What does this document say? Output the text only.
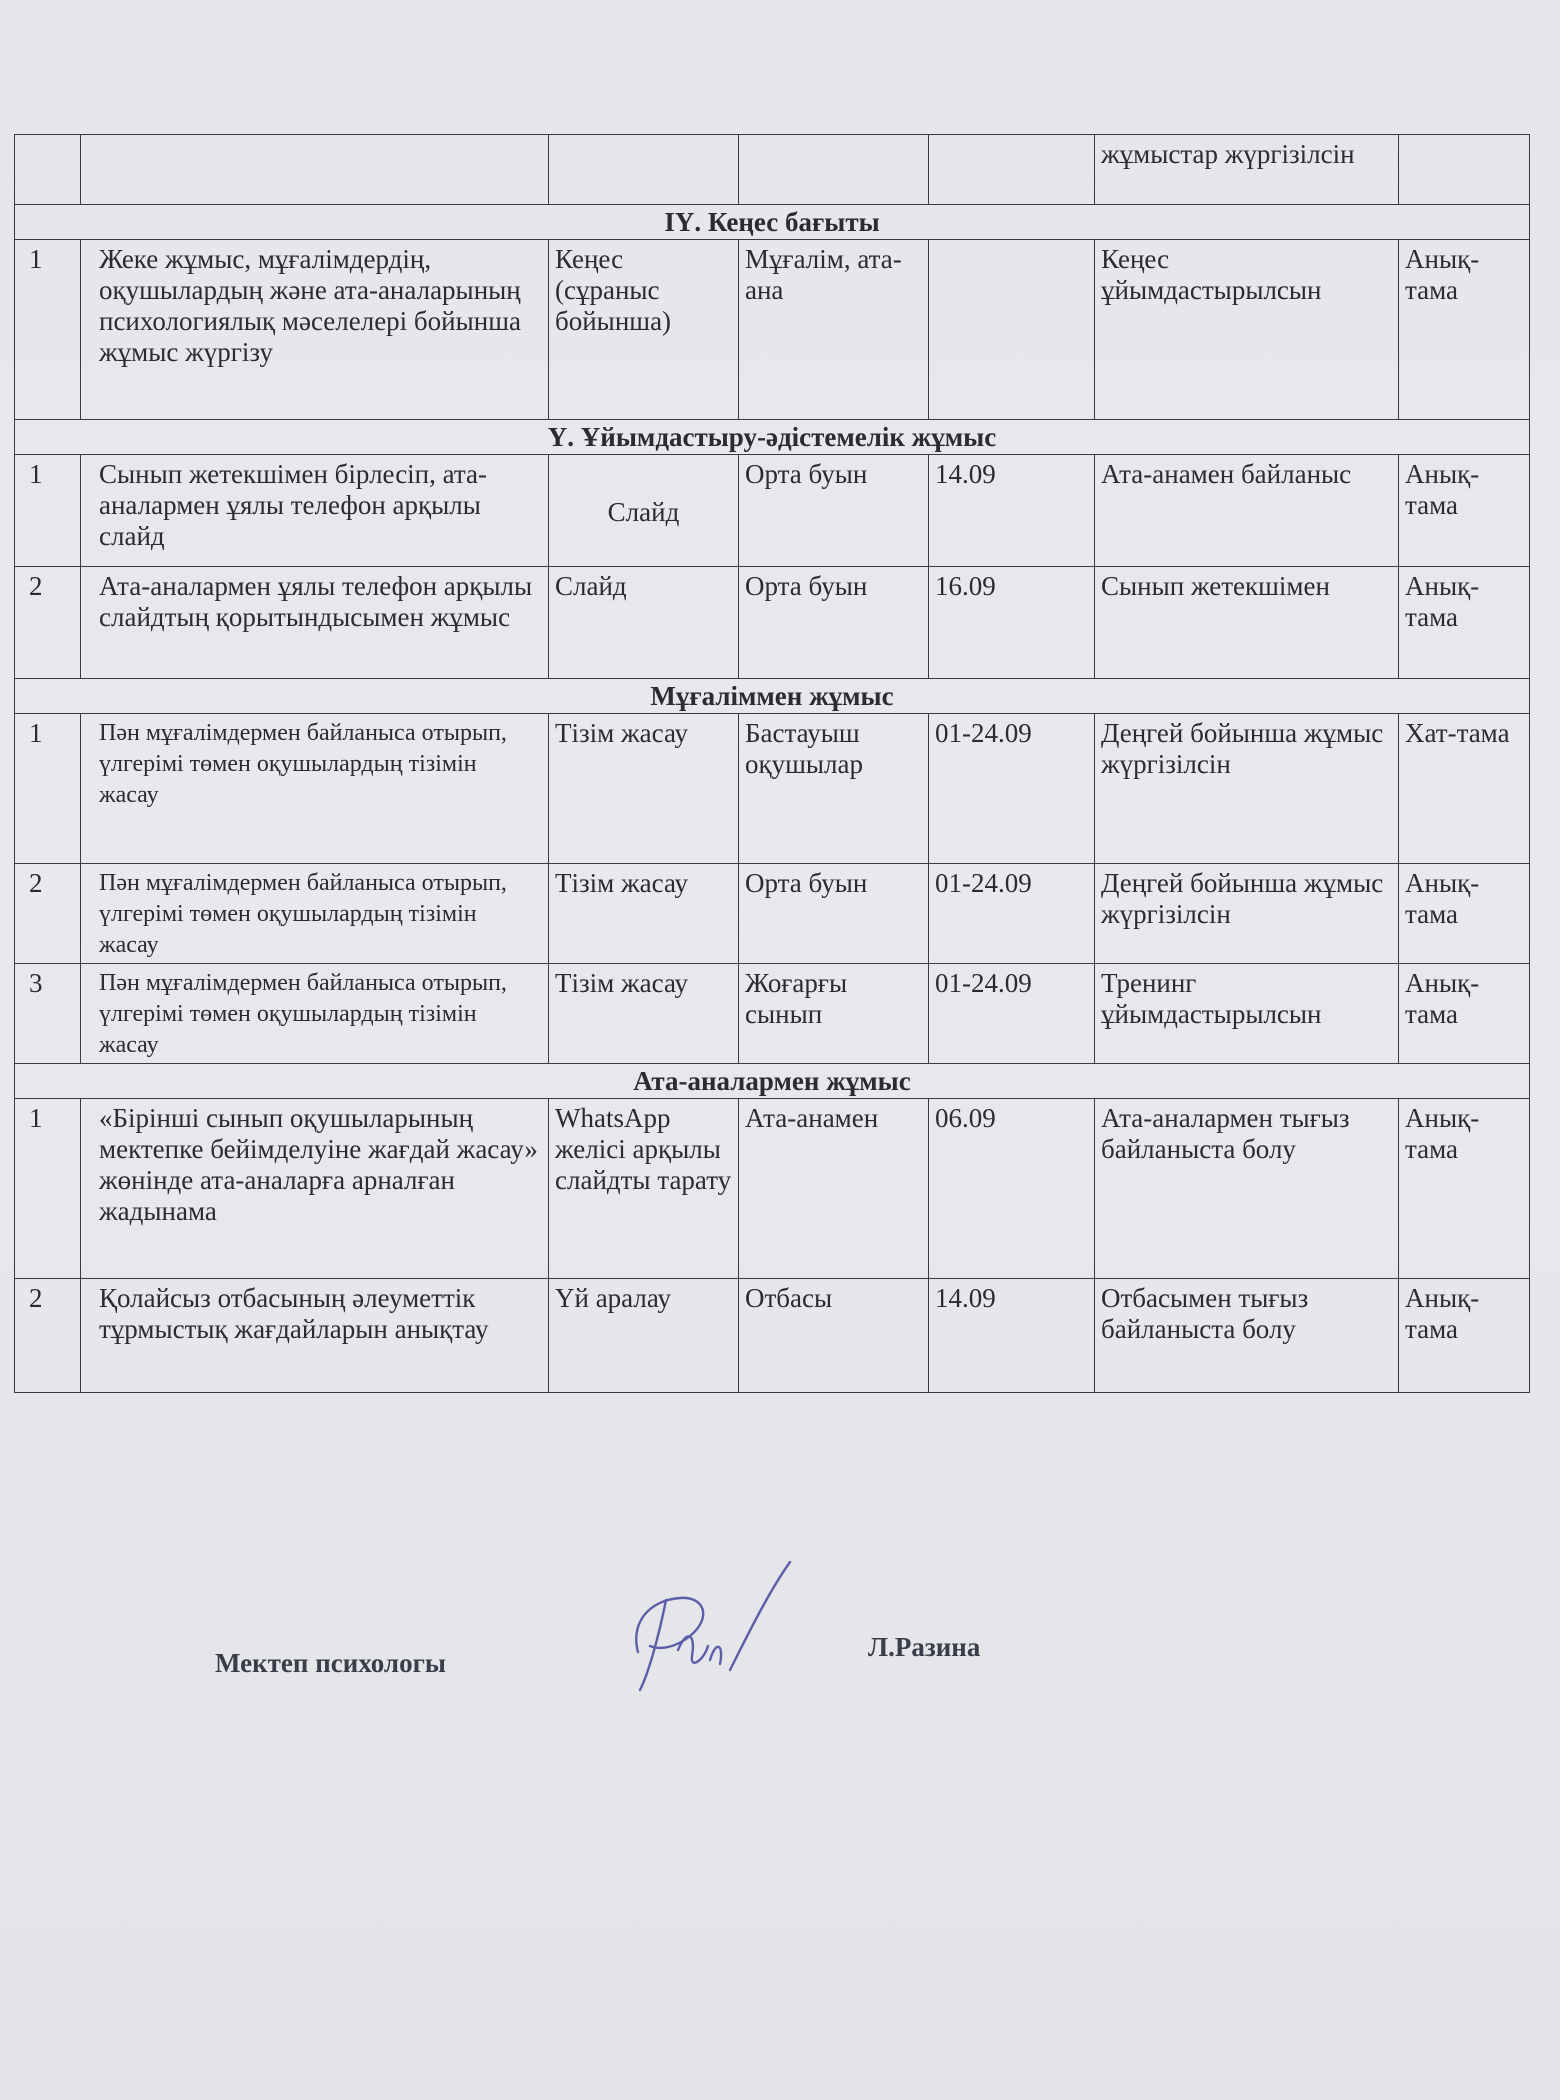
					жұмыстар жүргізілсін	
ІҮ. Кеңес бағыты						
1	Жеке жұмыс, мұғалімдердің, оқушылардың және ата-аналарының психологиялық мәселелері бойынша жұмыс жүргізу	Кеңес (сұраныс бойынша)	Мұғалім, ата-ана		Кеңес ұйымдастырылсын	Анық-тама
Ү. Ұйымдастыру-әдістемелік жұмыс						
1	Сынып жетекшімен бірлесіп, ата-аналармен ұялы телефон арқылы слайд	Слайд	Орта буын	14.09	Ата-анамен байланыс	Анық-тама
2	Ата-аналармен ұялы телефон арқылы слайдтың қорытындысымен жұмыс	Слайд	Орта буын	16.09	Сынып жетекшімен	Анық-тама
Мұғаліммен жұмыс						
1	Пән мұғалімдермен байланыса отырып, үлгерімі төмен оқушылардың тізімін жасау	Тізім жасау	Бастауыш оқушылар	01-24.09	Деңгей бойынша жұмыс жүргізілсін	Хат-тама
2	Пән мұғалімдермен байланыса отырып, үлгерімі төмен оқушылардың тізімін жасау	Тізім жасау	Орта буын	01-24.09	Деңгей бойынша жұмыс жүргізілсін	Анық-тама
3	Пән мұғалімдермен байланыса отырып, үлгерімі төмен оқушылардың тізімін жасау	Тізім жасау	Жоғарғы сынып	01-24.09	Тренинг ұйымдастырылсын	Анық-тама
Ата-аналармен жұмыс						
1	«Бірінші сынып оқушыларының мектепке бейімделуіне жағдай жасау» жөнінде ата-аналарға арналған жадынама	WhatsApp желісі арқылы слайдты тарату	Ата-анамен	06.09	Ата-аналармен тығыз байланыста болу	Анық-тама
2	Қолайсыз отбасының әлеуметтік тұрмыстық жағдайларын анықтау	Үй аралау	Отбасы	14.09	Отбасымен тығыз байланыста болу	Анық-тама
Мектеп психологы
Л.Разина
